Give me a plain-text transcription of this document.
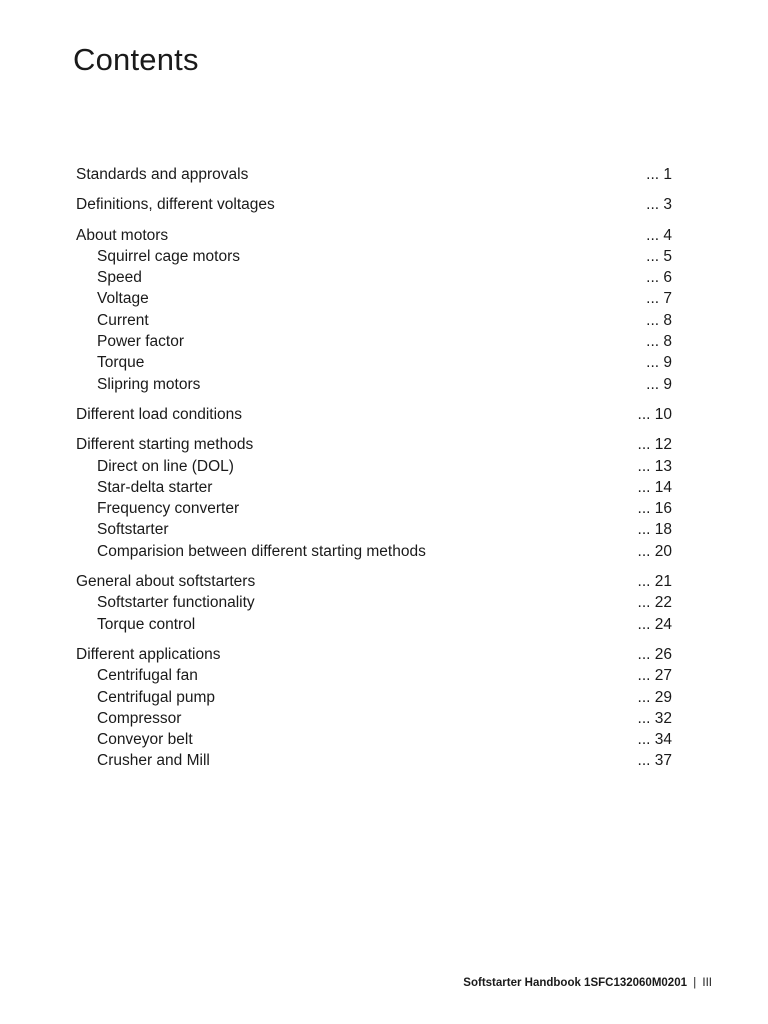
Contents
Standards and approvals	... 1
Definitions, different voltages	... 3
About motors	... 4
Squirrel cage motors	... 5
Speed	... 6
Voltage	... 7
Current	... 8
Power factor	... 8
Torque	... 9
Slipring motors	... 9
Different load conditions	... 10
Different starting methods	... 12
Direct on line (DOL)	... 13
Star-delta starter	... 14
Frequency converter	... 16
Softstarter	... 18
Comparision between different starting methods	... 20
General about softstarters	... 21
Softstarter functionality	... 22
Torque control	... 24
Different applications	... 26
Centrifugal fan	... 27
Centrifugal pump	... 29
Compressor	... 32
Conveyor belt	... 34
Crusher and Mill	... 37
Softstarter Handbook 1SFC132060M0201 | III
